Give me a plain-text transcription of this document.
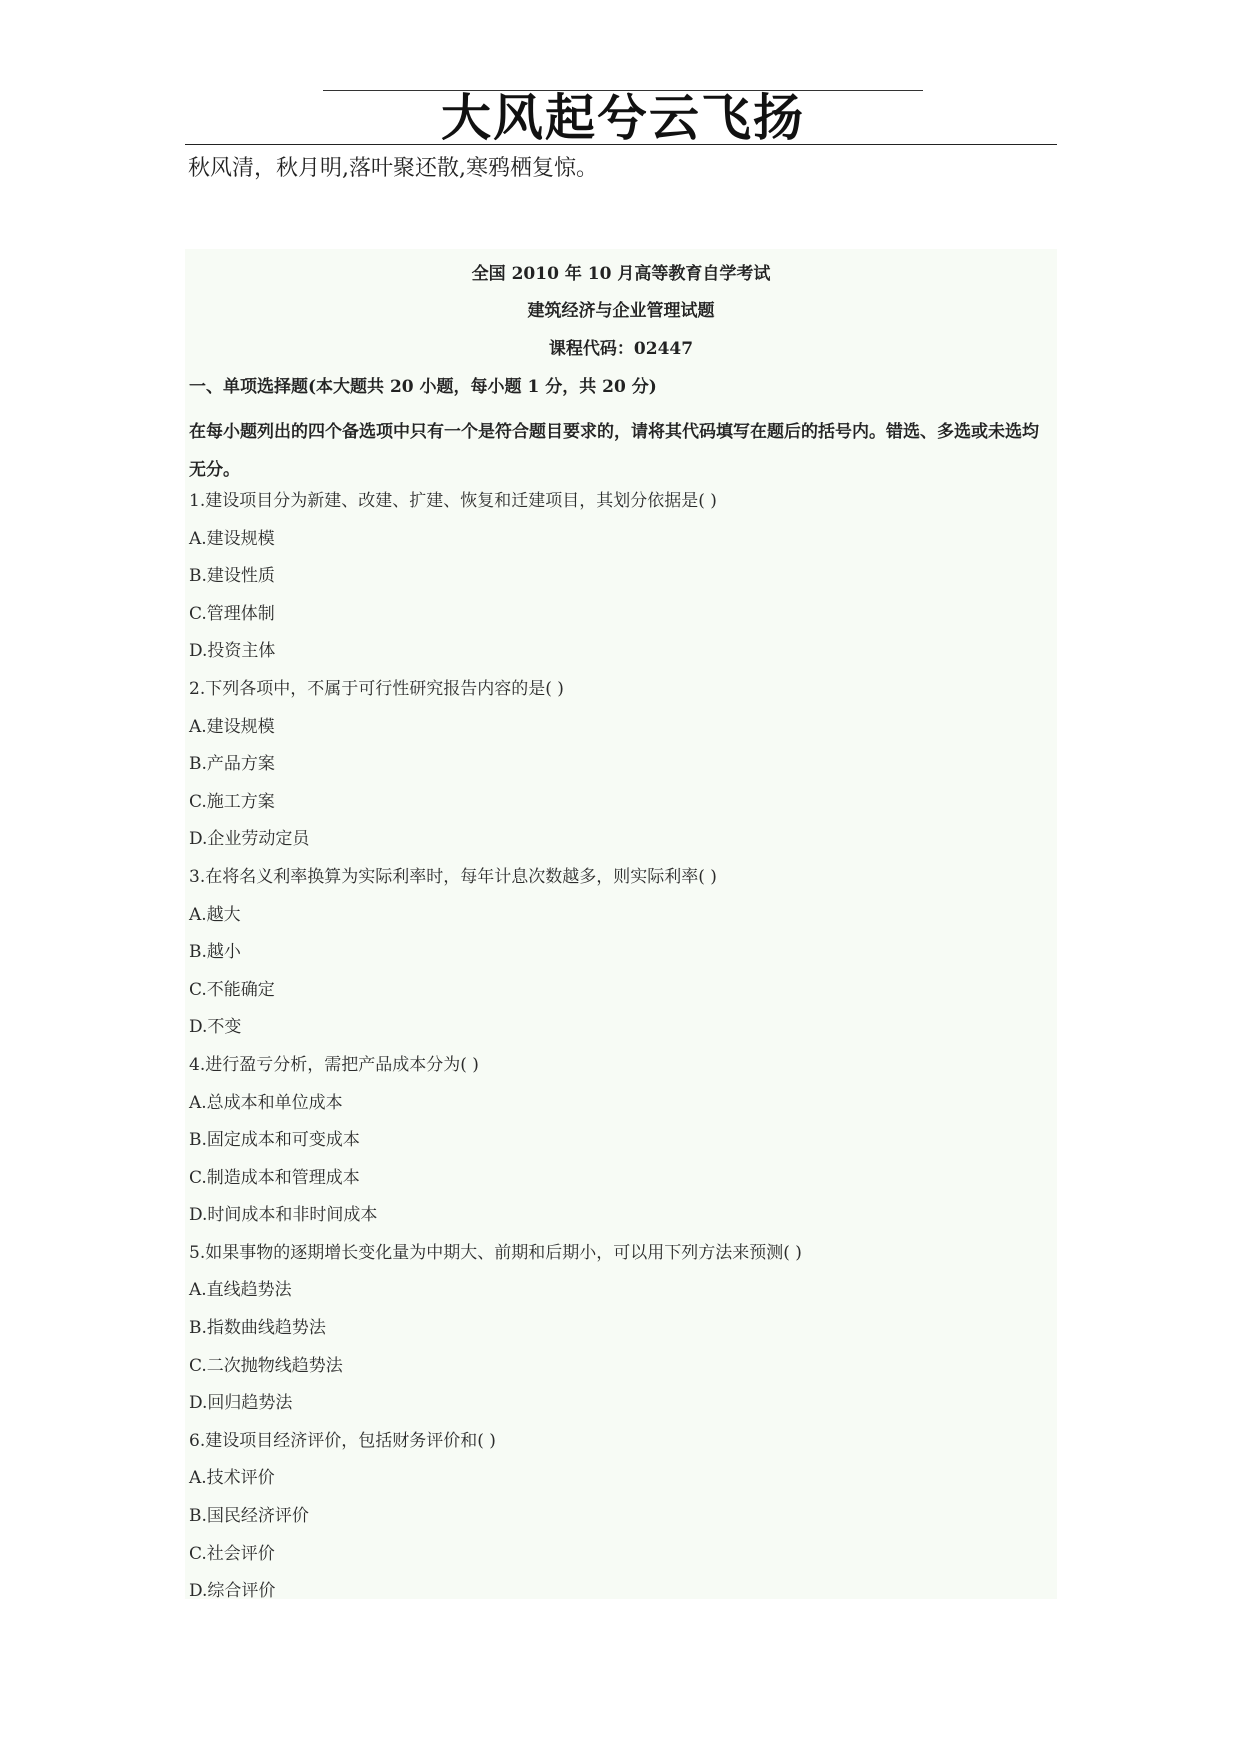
大风起兮云飞扬
秋风清，秋月明,落叶聚还散,寒鸦栖复惊。
全国 2010 年 10 月高等教育自学考试
建筑经济与企业管理试题
课程代码：02447
一、单项选择题(本大题共 20 小题，每小题 1 分，共 20 分)
在每小题列出的四个备选项中只有一个是符合题目要求的，请将其代码填写在题后的括号内。错选、多选或未选均无分。
1.建设项目分为新建、改建、扩建、恢复和迁建项目，其划分依据是( )
A.建设规模
B.建设性质
C.管理体制
D.投资主体
2.下列各项中，不属于可行性研究报告内容的是( )
A.建设规模
B.产品方案
C.施工方案
D.企业劳动定员
3.在将名义利率换算为实际利率时，每年计息次数越多，则实际利率( )
A.越大
B.越小
C.不能确定
D.不变
4.进行盈亏分析，需把产品成本分为( )
A.总成本和单位成本
B.固定成本和可变成本
C.制造成本和管理成本
D.时间成本和非时间成本
5.如果事物的逐期增长变化量为中期大、前期和后期小，可以用下列方法来预测( )
A.直线趋势法
B.指数曲线趋势法
C.二次抛物线趋势法
D.回归趋势法
6.建设项目经济评价，包括财务评价和( )
A.技术评价
B.国民经济评价
C.社会评价
D.综合评价
